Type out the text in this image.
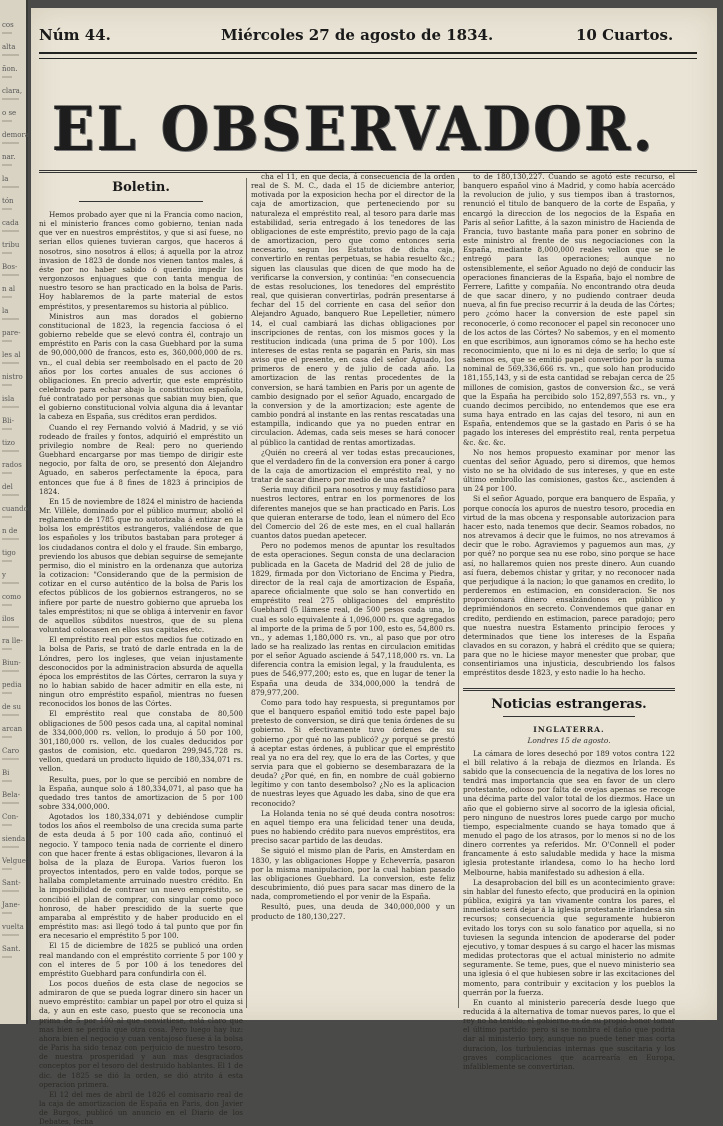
cos
alta
ñon.
clara,
o se
demora
nar.
la
tón
cada
tribu
Bos-
n al
la
pare-
les al
nistro
isla
Bli-
tizo
rados
del
cuando
n de
tigo
y
como
ilos
ra lle-
Biun-
pedia
de su
arcan
Caro
Bi
Bela-
Con-
sienda
Velgue
Sant-
Jane-
vuelta
Sant.
Núm 44.	Miércoles 27 de agosto de 1834.	10 Cuartos.
EL OBSERVADOR.
Boletin.

Hemos probado ayer que ni la Francia como nacion, ni el ministerio frances como gobierno, tenian nada que ver en nuestros empréstitos, y que si así fuese, no serian ellos quienes tuvieran cargos, que haceros á nosotros, sino nosotros á ellos; á aquella por la atroz invasion de 1823 de donde nos vienen tantos males, á éste por no haber sabido ó querido impedir los vergonzosos enjuagues que con tanta mengua de nuestro tesoro se han practicado en la bolsa de Paris. Hoy hablaremos de la parte material de estos empréstitos, y presentaremos su historia al público.

Ministros aun mas dorados el gobierno constitucional de 1823, la regencia facciosa ó el gobierno rebelde que se elevó contra él, contrajo un empréstito en Paris con la casa Guebhard por la suma de 90,000,000 de francos, esto es, 360,000,000 de rs. vn., el cual debia ser reembolsado en el pacto de 20 años por los cortes anuales de sus acciones ó obligaciones. En precio advertir, que este empréstito celebrado para echar abajo la constitucion española, fué contratado por personas que sabian muy bien, que el gobierno constitucional volvia alguna dia á levantar la cabeza en España, sus créditos eran perdidos.

Cuando el rey Fernando volvió á Madrid, y se vió rodeado de frailes y fontos, adquirió el empréstito un privilegio nombre de Real: pero no queriendo Guebhard encargarse por mas tiempo de dirigir este negocio, por falta de oro, se presentó don Alejandro Aguado, en saberos perfectamente la época, para entonces que fue á 8 fines de 1823 á principios de 1824.

En 15 de noviembre de 1824 el ministro de hacienda Mr. Villèle, dominado por el público murmur, abolió el reglamento de 1785 que no autorizaba á entizar en la bolsa los empréstitos estrangeros, valiéndose de que los españoles y los tributos bastaban para proteger á los ciudadanos contra el dolo y el fraude. Sin embargo, previendo los abusos que debian seguirse de semejante permiso, dio el ministro en la ordenanza que autoriza la cotizacion: "Considerando que de la permision de cotizar en el curso auténtico de la bolsa de Paris los efectos públicos de los gobiernos estrangeros, no se infiere por parte de nuestro gobierno que aprueba los tales empréstitos; ni que se obliga á intervenir en favor de aquellos súbditos nuestros, que de su plena voluntad colocasen en ellos sus capitales etc.

El empréstito real por estos medios fue cotizado en la bolsa de Paris, se trató de darle entrada en la de Lóndres, pero los ingleses, que veian injustamente desconocidos por la administracion absurda de aquella época los empréstitos de las Córtes, cerraron la suya y no lo habian sabido de hacer admitir en ella este, ni ningun otro empréstito español, mientras no fuesen reconocidos los bonos de las Córtes.

El empréstito real que constaba de 80,500 obligaciones de 500 pesos cada una, al capital nominal de 334,000,000 rs. vellon, lo produjo á 50 por 100, 301,180,000 rs. vellon, de los cuales deducidos por gastos de comision, etc. quedaron 299,945,728 rs. vellon, quedará un producto liquido de 180,334,071 rs. vellon.

Resulta, pues, por lo que se percibió en nombre de la España, aunque solo á 180,334,071, al paso que ha quedado tres tantos de amortizacion de 5 por 100 sobre 334,000,000.

Agotados los 180,334,071 y debiéndose cumplir todos los años el reembolso de una crecida suma parte de esta deuda á 5 por 100 cada año, continuó el negocio. Y tampoco tenia nada de corriente el dinero con que hacer frente á estas obligaciones, llevaron á la bolsa de la plaza de Europa. Varios fueron los proyectos intentados, pero en valde todos, porque se hallaba completamente arruinado nuestro crédito. En la imposibilidad de contraer un nuevo empréstito, se concibió el plan de comprar, con singular como poco honroso, de haber prescidido de la suerte que amparaba al empréstito y de haber producido en el empréstito mas: asi llegó todo á tal punto que por fin era necesario el empréstito 5 por 100.

El 15 de diciembre de 1825 se publicó una orden real mandando con el empréstito corriente 5 por 100 y con el interes de 5 por 100 á los tenedores del empréstito Guebhard para confundirla con él.

Los pocos dueños de esta clase de negocios se admiraron de que se pueda lograr dinero sin hacer un nuevo empréstito: cambiar un papel por otro el quiza si da, y aun en este caso, puesto que se reconocia una prima de 5 por 100 al que convirtiese, está claro que mas bien se perdia que otra cosa. Pero luego hay luz: ahora bien el negocio y cuan ventajoso fuese á la bolsa de Paris ha sido tenaz con perjuicio de nuestro tesoro, de nuestra prosperidad y aun mas desgraciados conceptos por el tesoro del destruido hablantes. El 1 de dic. de 1825 se dió la orden, se dió atrito á esta operacion primera.

El 12 del mes de abril de 1826 el comisario real de la caja de amortizacion de España en Paris, don Javier de Burgos, publicó un anuncio en el Diario de los Debates, fecha

cha el 11, en que decia, á consecuencia de la orden real de S. M. C., dada el 15 de diciembre anterior, motivada por la exposicion hecha por el director de la caja de amortizacion, que perteneciendo por su naturaleza el empréstito real, al tesoro para darle mas estabilidad, seria entregado á los tenedores de las obligaciones de este empréstito, previo pago de la caja de amortizacion, pero que como entonces seria necesario, segun los Estatutos de dicha caja, convertirlo en rentas perpetuas, se habia resuelto &c.; siguen las clausulas que dicen de que modo ha de verificarse la conversion, y continúa: "en consecuencia de estas resoluciones, los tenedores del empréstito real, que quisieran convertirlas, podrán presentarse á fechar del 15 del corriente en casa del señor don Alejandro Aguado, banquero Rue Lepelletier, número 14, el cual cambiará las dichas obligaciones por inscripciones de rentas, con los mismos goces y la restitucion indicada (una prima de 5 por 100). Los intereses de estas renta se pagarán en Paris, sin mas aviso que el presente, en casa del señor Aguado, los primeros de enero y de julio de cada año. La amortizacion de las rentas procedentes de la conversion, se hará tambien en Paris por un agente de cambio designado por el señor Aguado, encargado de la conversion y de la amortizacion; este agente de cambio pondrá al instante en las rentas rescatadas una estampilla, indicando que ya no pueden entrar en circulacion. Ademas, cada seis meses se hará conocer al público la cantidad de rentas amortizadas.

¿Quién no creerá al ver todas estas precauciones, que el verdadero fin de la conversion era poner á cargo de la caja de amortizacion el empréstito real, y no tratar de sacar dinero por medio de una estafa?

Seria muy dificil para nosotros y muy fastidioso para nuestros lectores, entrar en los pormenores de los diferentes manejos que se han practicado en Paris. Los que quieran enterarse de todo, lean el número del Eco del Comercio del 26 de este mes, en el cual hallarán cuantos datos puedan apetecer.

Pero no podemos menos de apuntar los resultados de esta operaciones. Segun consta de una declaracion publicada en la Gaceta de Madrid del 28 de julio de 1829, firmada por don Victoriano de Encima y Piedra, director de la real caja de amortizacion de España, aparece oficialmente que solo se han convertido en empréstito real 275 obligaciones del empréstito Guebhard (5 llámese real, de 500 pesos cada una, lo cual es solo equivalente á 1,096,000 rs. que agregados al importe de la prima de 5 por 100, esto es, 54,800 rs. vn., y ademas 1,180,000 rs. vn., al paso que por otro lado se ha realizado las rentas en circulacion emitidas por el señor Aguado asciende á 547,118,000 rs. vn. La diferencia contra la emision legal, y la fraudulenta, es pues de 546,977,200; esto es, que en lugar de tener la España una deuda de 334,000,000 la tendrá de 879,977,200.

Como para todo hay respuesta, si preguntamos por que el banquero español emitió todo este papel bajo pretesto de conversion, se dirá que tenia órdenes de su gobierno. Si efectivamente tuvo órdenes de su gobierno ¿por qué no las publicó? ¿y porqué se prestó á aceptar estas órdenes, á publicar que el empréstito real ya no era del rey, que lo era de las Cortes, y que servia para que el gobierno se desembarazara de la deuda? ¿Por qué, en fin, en nombre de cuál gobierno legítimo y con tanto desembolso? ¿No es la aplicacion de nuestras leyes que Aguado les daba, sino de que era reconocido?

La Holanda tenia no sé qué deuda contra nosotros: en aquel tiempo era una felicidad tener una deuda, pues no habiendo crédito para nuevos empréstitos, era preciso sacar partido de las deudas.

Se siguió el mismo plan de Paris, en Amsterdam en 1830, y las obligaciones Hoppe y Echeverría, pasaron por la misma manipulacion, por la cual habian pasado las obligaciones Guebhard. La conversion, este feliz descubrimiento, dió pues para sacar mas dinero de la nada, comprometiendo el por venir de la España.

Resultó, pues, una deuda de 340,000,000 y un producto de 180,130,227.

to de 180,130,227. Cuando se agotó este recurso, el banquero español vino á Madrid, y como había acercádo la revolucion de julio, y sus tiempos iban á trastornos, renunció el titulo de banquero de la corte de España, y encargó la direccion de los negocios de la España en Paris al señor Lafitte, á la sazon ministro de Hacienda de Francia, tuvo bastante maña para poner en sobrino de este ministro al frente de sus negociaciones con la España, mediante 8,000,000 reales vellon que se le entregó para las operaciones; aunque no ostensiblemente, el señor Aguado no dejó de conducir las operaciones financieras de la España, bajo el nombre de Ferrere, Lafitte y compañía. No encontrando otra deuda de que sacar dinero, y no pudiendo contraer deuda nueva, al fin fue preciso recurrir á la deuda de las Córtes; pero ¿cómo hacer la conversion de este papel sin reconocerle, ó como reconocer el papel sin reconocer uno de los actos de las Córtes? No sabemos, y en el momento en que escribimos, aun ignoramos cómo se ha hecho este reconocimiento, que ni lo es ni deja de serlo; lo que sí sabemos es, que se emitió papel convertido por la suma nominal de 569,336,666 rs. vn., que solo han producido 181,155,143, y si de esta cantidad se rebajan cerca de 25 millones de comision, gastos de conversion &c., se verá que la España ha percibido solo 152,897,553 rs. vn., y cuando decimos percibido, no entendemos que ese era suma haya entrado en las cajas del tesoro, ni aun en España, entendemos que se la gastado en Paris ó se ha pagado los intereses del empréstito real, renta perpetua &c. &c. &c.

No nos hemos propuesto examinar por menor las cuentas del señor Aguado, pero si diremos, que hemos visto no se ha olvidado de sus intereses, y que en este último embrollo las comisiones, gastos &c., ascienden á un 24 por 100.

Si el señor Aguado, porque era banquero de España, y porque conocía los apuros de nuestro tesoro, procedia en virtud de la mas obcena y responsable autorizacion para hacer esto, nada tenemos que decir. Seamos robados, no nos atrevamos á decir que le fuimos, no nos atrevamos á decir que le robo. Agraviemos y paguemos aun mas, ¿y por qué? no porque sea nu ese robo, sino porque se hace así, no hallaremos quien nos preste dinero. Aun cuando así fuera, debemos chistar y gritar, y no reconocer nada que perjudique á la nacion; lo que ganamos en credito, lo perderemos en estimacion, en consideracion. Se nos proporcionará dinero ensalzándonos en público y deprimiéndonos en secreto. Convendemos que ganar en credito, perdiendo en estimacion, parece paradojo; pero que nuestra nuestra Estamento principio feroces y determinados que tiene los intereses de la España clavados en su corazon, y habrá el crédito que se quiera; para que no le hiciese mayor menester que probar, que consentiriamos una injusticia, descubriendo los falsos empréstitos desde 1823, y esto nadie lo ha hecho.

Noticias estrangeras.
INGLATERRA.
Londres 15 de agosto.

La cámara de lores desechó por 189 votos contra 122 el bill relativo á la rebaja de diezmos en Irlanda. Es sabido que la consecuencia de la negativa de los lores no tendrá mas importancia que sea en favor de un clero protestante, odioso por falta de ovejas apenas se recoge una décima parte del valor total de los diezmos. Hace un año que el gobierno sirve al socorro de la iglesia oficial, pero ninguno de nuestros lores puede cargo por mucho tiempo, especialmente cuando se haya tomado que á menudo el pago de los atrasos, por lo menos si no de los dinero correntes ya referidos. Mr. O'Connell el poder francamente á esto saludable medida y hace la misma iglesia protestante irlandesa, como lo ha hecho lord Melbourne, habia manifestado su adhesion á ella.

La desaprobacion del bill es un acontecimiento grave: sin hablar del funesto efecto, que producirá en la opinion pública, exigirá ya tan vivamente contra los pares, el inmediato será dejar á la iglesia protestante irlandesa sin recursos; consecuencia que seguramente hubieron evitado los torys con su solo fanatico por aquella, si no tuviesen la segunda intencion de apoderarse del poder ejecutivo, y tomar despues á su cargo el hacer las mismas medidas protectoras que el actual ministerio no admite seguramente. Se teme, pues, que el nuevo ministerio sea una iglesia ó el que hubiesen sobre ir las excitaciones del momento, para contribuir y excitacion y los pueblos la querrán por la fuerza.

En cuanto al ministerio parecería desde luego que reducida á la alternativa de tomar nuevos pares, lo que el rey no ha tenido; el gobierno es de su propio honor tomar el último partido: pero si se nombra el daño que podria dar al ministerio tory, aunque no puede tener mas corta duracion, los turbulencias internas que suscitaria y los graves complicaciones que acarrearía en Europa, infaliblemente se convertirian.
